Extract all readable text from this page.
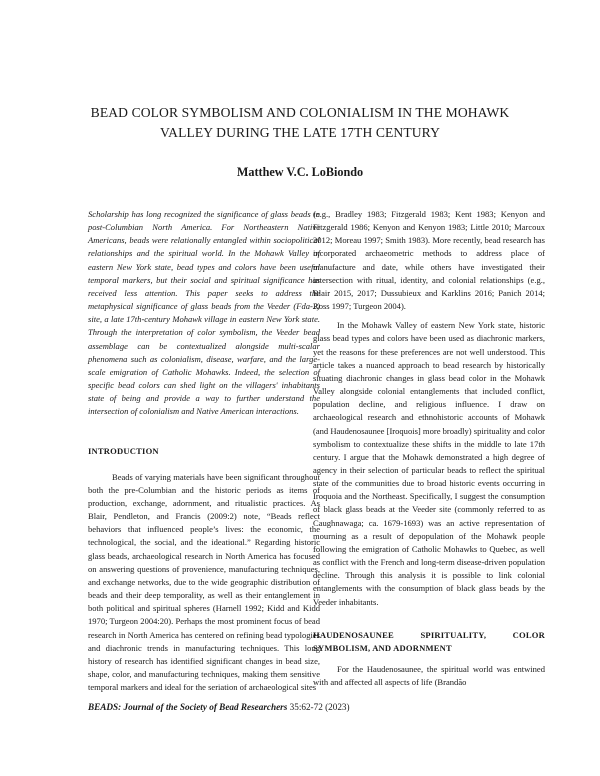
BEAD COLOR SYMBOLISM AND COLONIALISM IN THE MOHAWK
VALLEY DURING THE LATE 17TH CENTURY

Matthew V.C. LoBiondo

Scholarship has long recognized the significance of glass beads in post-Columbian North America. For Northeastern Native Americans, beads were relationally entangled within sociopolitical relationships and the spiritual world. In the Mohawk Valley of eastern New York state, bead types and colors have been useful temporal markers, but their social and spiritual significance has received less attention. This paper seeks to address the metaphysical significance of glass beads from the Veeder (Fda-2) site, a late 17th-century Mohawk village in eastern New York state. Through the interpretation of color symbolism, the Veeder bead assemblage can be contextualized alongside multi-scalar phenomena such as colonialism, disease, warfare, and the large-scale emigration of Catholic Mohawks. Indeed, the selection of specific bead colors can shed light on the villagers' inhabitants state of being and provide a way to further understand the intersection of colonialism and Native American interactions.

INTRODUCTION

Beads of varying materials have been significant throughout both the pre-Columbian and the historic periods as items of production, exchange, adornment, and ritualistic practices. As Blair, Pendleton, and Francis (2009:2) note, “Beads reflect behaviors that influenced people’s lives: the economic, the technological, the social, and the ideational.” Regarding historic glass beads, archaeological research in North America has focused on answering questions of provenience, manufacturing techniques, and exchange networks, due to the wide geographic distribution of beads and their deep temporality, as well as their entanglement in both political and spiritual spheres (Harnell 1992; Kidd and Kidd 1970; Turgeon 2004:20). Perhaps the most prominent focus of bead research in North America has centered on refining bead typologies and diachronic trends in manufacturing techniques. This long history of research has identified significant changes in bead size, shape, color, and manufacturing techniques, making them sensitive temporal markers and ideal for the seriation of archaeological sites

(e.g., Bradley 1983; Fitzgerald 1983; Kent 1983; Kenyon and Fitzgerald 1986; Kenyon and Kenyon 1983; Little 2010; Marcoux 2012; Moreau 1997; Smith 1983). More recently, bead research has incorporated archaeometric methods to address place of manufacture and date, while others have investigated their intersection with ritual, identity, and colonial relationships (e.g., Blair 2015, 2017; Dussubieux and Karklins 2016; Panich 2014; Ross 1997; Turgeon 2004).

In the Mohawk Valley of eastern New York state, historic glass bead types and colors have been used as diachronic markers, yet the reasons for these preferences are not well understood. This article takes a nuanced approach to bead research by historically situating diachronic changes in glass bead color in the Mohawk Valley alongside colonial entanglements that included conflict, population decline, and religious influence. I draw on archaeological research and ethnohistoric accounts of Mohawk (and Haudenosaunee [Iroquois] more broadly) spirituality and color symbolism to contextualize these shifts in the middle to late 17th century. I argue that the Mohawk demonstrated a high degree of agency in their selection of particular beads to reflect the spiritual state of the communities due to broad historic events occurring in Iroquoia and the Northeast. Specifically, I suggest the consumption of black glass beads at the Veeder site (commonly referred to as Caughnawaga; ca. 1679-1693) was an active representation of mourning as a result of depopulation of the Mohawk people following the emigration of Catholic Mohawks to Quebec, as well as conflict with the French and long-term disease-driven population decline. Through this analysis it is possible to link colonial entanglements with the consumption of black glass beads by the Veeder inhabitants.

HAUDENOSAUNEE SPIRITUALITY, COLOR SYMBOLISM, AND ADORNMENT

For the Haudenosaunee, the spiritual world was entwined with and affected all aspects of life (Brandão

BEADS: Journal of the Society of Bead Researchers 35:62-72 (2023)
